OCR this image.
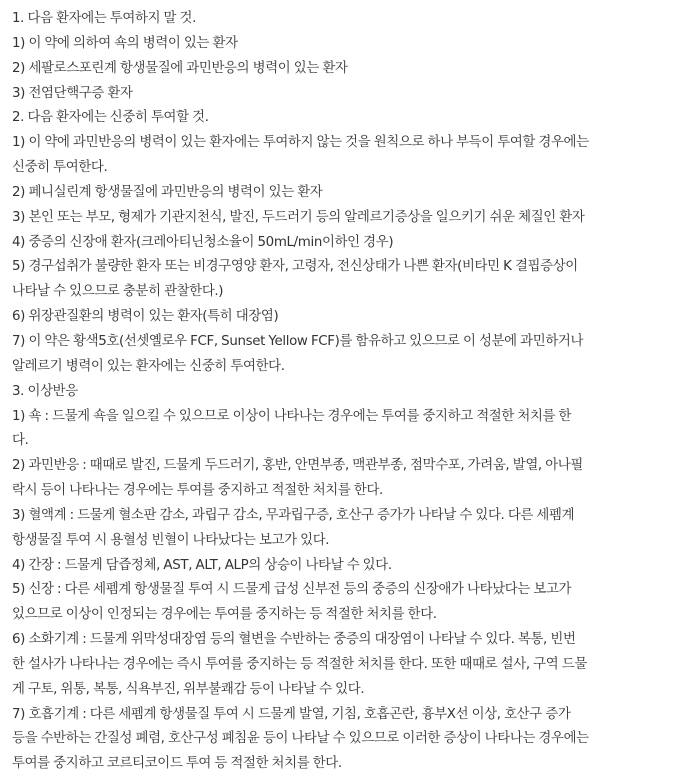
1. 다음 환자에는 투여하지 말 것.
1) 이 약에 의하여 쇽의 병력이 있는 환자
2) 세팔로스포린계 항생물질에 과민반응의 병력이 있는 환자
3) 전염단핵구증 환자
2. 다음 환자에는 신중히 투여할 것.
1) 이 약에 과민반응의 병력이 있는 환자에는 투여하지 않는 것을 원칙으로 하나 부득이 투여할 경우에는
신중히 투여한다.
2) 페니실린계 항생물질에 과민반응의 병력이 있는 환자
3) 본인 또는 부모, 형제가 기관지천식, 발진, 두드러기 등의 알레르기증상을 일으키기 쉬운 체질인 환자
4) 중증의 신장애 환자(크레아티닌청소율이 50mL/min이하인 경우)
5) 경구섭취가 불량한 환자 또는 비경구영양 환자, 고령자, 전신상태가 나쁜 환자(비타민 K 결핍증상이
나타날 수 있으므로 충분히 관찰한다.)
6) 위장관질환의 병력이 있는 환자(특히 대장염)
7) 이 약은 황색5호(선셋옐로우 FCF, Sunset Yellow FCF)를 함유하고 있으므로 이 성분에 과민하거나
알레르기 병력이 있는 환자에는 신중히 투여한다.
3. 이상반응
1) 쇽 : 드물게 쇽을 일으킬 수 있으므로 이상이 나타나는 경우에는 투여를 중지하고 적절한 처치를 한
다.
2) 과민반응 : 때때로 발진, 드물게 두드러기, 홍반, 안면부종, 맥관부종, 점막수포, 가려움, 발열, 아나필
락시 등이 나타나는 경우에는 투여를 중지하고 적절한 처치를 한다.
3) 혈액계 : 드물게 혈소판 감소, 과립구 감소, 무과립구증, 호산구 증가가 나타날 수 있다. 다른 세펨계
항생물질 투여 시 용혈성 빈혈이 나타났다는 보고가 있다.
4) 간장 : 드물게 담즙정체, AST, ALT, ALP의 상승이 나타날 수 있다.
5) 신장 : 다른 세펨계 항생물질 투여 시 드물게 급성 신부전 등의 중증의 신장애가 나타났다는 보고가
있으므로 이상이 인정되는 경우에는 투여를 중지하는 등 적절한 처치를 한다.
6) 소화기계 : 드물게 위막성대장염 등의 혈변을 수반하는 중증의 대장염이 나타날 수 있다. 복통, 빈번
한 설사가 나타나는 경우에는 즉시 투여를 중지하는 등 적절한 처치를 한다. 또한 때때로 설사, 구역 드물
게 구토, 위통, 복통, 식욕부진, 위부불쾌감 등이 나타날 수 있다.
7) 호흡기계 : 다른 세펨계 항생물질 투여 시 드물게 발열, 기침, 호흡곤란, 흉부X선 이상, 호산구 증가
등을 수반하는 간질성 폐렴, 호산구성 폐침윤 등이 나타날 수 있으므로 이러한 증상이 나타나는 경우에는
투여를 중지하고 코르티코이드 투여 등 적절한 처치를 한다.
